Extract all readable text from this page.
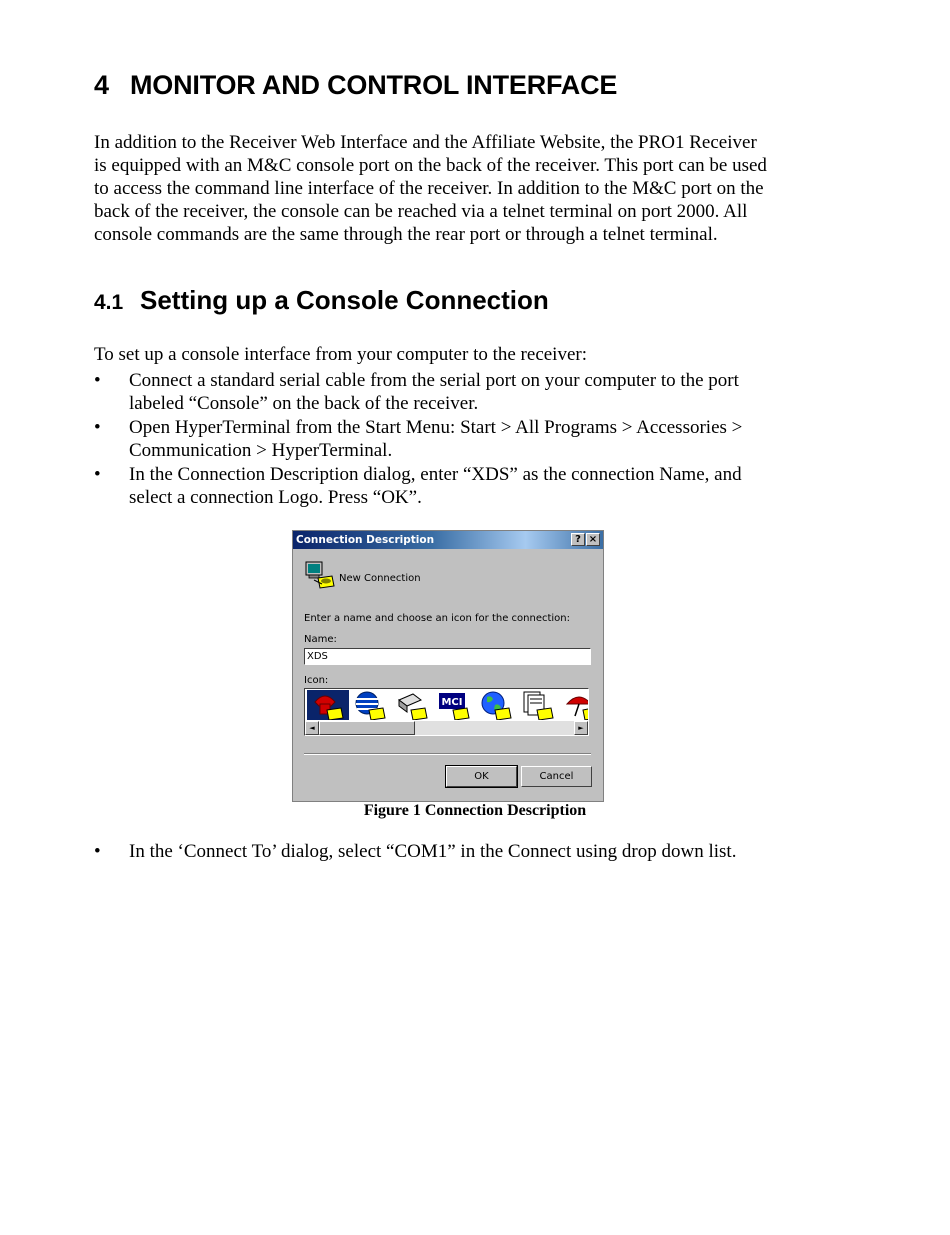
4 MONITOR AND CONTROL INTERFACE

In addition to the Receiver Web Interface and the Affiliate Website, the PRO1 Receiver
is equipped with an M&C console port on the back of the receiver. This port can be used
to access the command line interface of the receiver. In addition to the M&C port on the
back of the receiver, the console can be reached via a telnet terminal on port 2000. All
console commands are the same through the rear port or through a telnet terminal.

4.1 Setting up a Console Connection

To set up a console interface from your computer to the receiver:

• Connect a standard serial cable from the serial port on your computer to the port
labeled “Console” on the back of the receiver.
• Open HyperTerminal from the Start Menu: Start > All Programs > Accessories >
Communication > HyperTerminal.
• In the Connection Description dialog, enter “XDS” as the connection Name, and
select a connection Logo. Press “OK”.
Connection Description	? ×
New Connection
Enter a name and choose an icon for the connection:
Name:
XDS
Icon:
MCI
◄	►
OK	Cancel

Figure 1 Connection Description

• In the ‘Connect To’ dialog, select “COM1” in the Connect using drop down list.
